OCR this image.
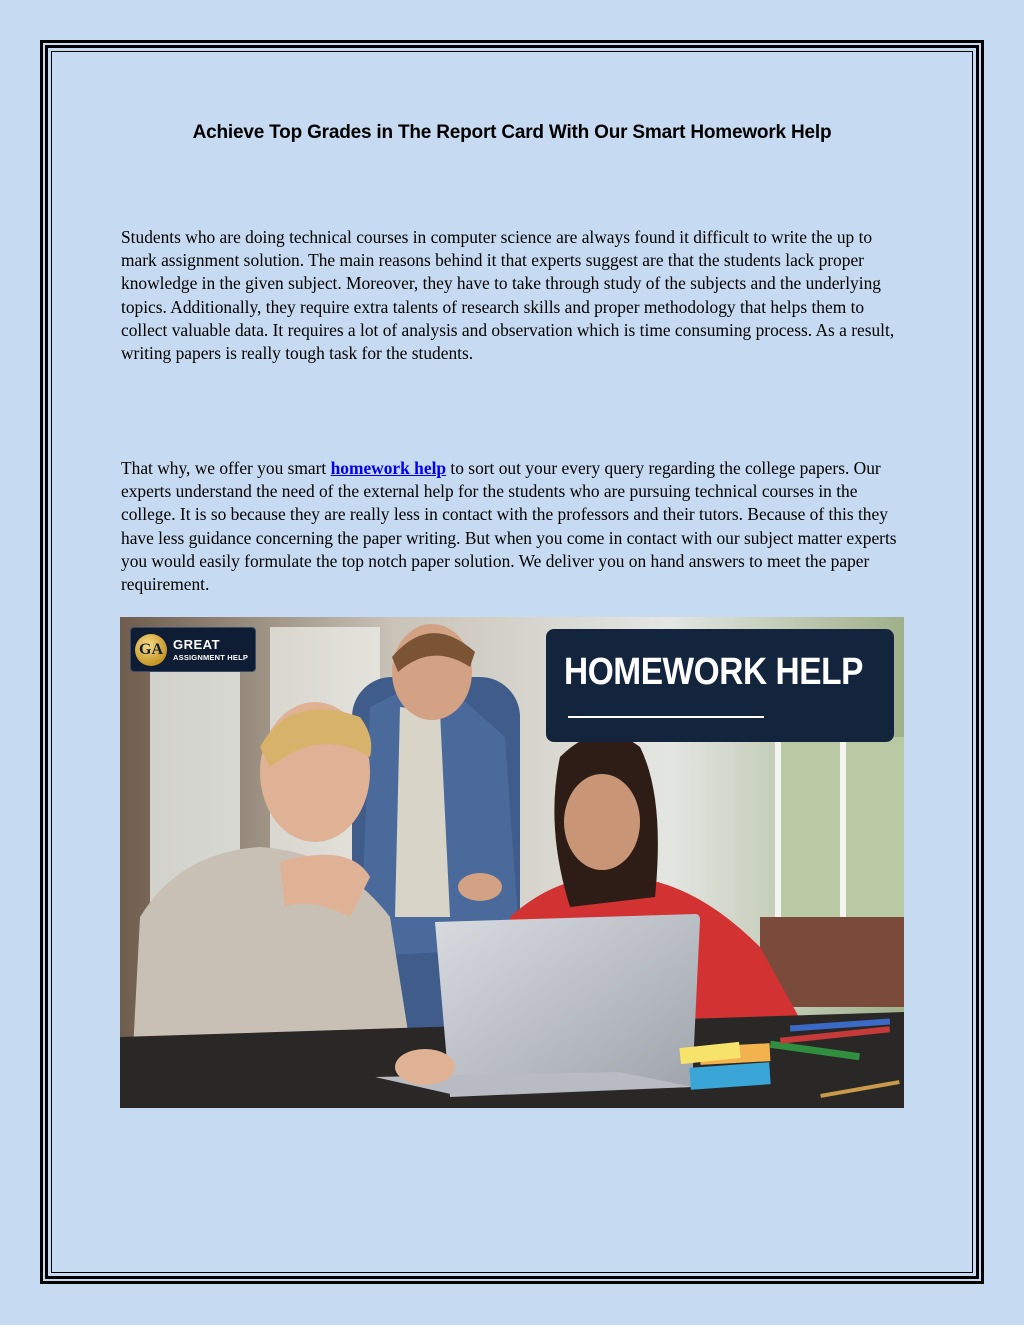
Achieve Top Grades in The Report Card With Our Smart Homework Help

Students who are doing technical courses in computer science are always found it difficult to write the up to mark assignment solution. The main reasons behind it that experts suggest are that the students lack proper knowledge in the given subject. Moreover, they have to take through study of the subjects and the underlying topics. Additionally, they require extra talents of research skills and proper methodology that helps them to collect valuable data. It requires a lot of analysis and observation which is time consuming process. As a result, writing papers is really tough task for the students.

That why, we offer you smart homework help to sort out your every query regarding the college papers. Our experts understand the need of the external help for the students who are pursuing technical courses in the college. It is so because they are really less in contact with the professors and their tutors. Because of this they have less guidance concerning the paper writing. But when you come in contact with our subject matter experts you would easily formulate the top notch paper solution. We deliver you on hand answers to meet the paper requirement.

GA GREAT
ASSIGNMENT HELP	HOMEWORK HELP
